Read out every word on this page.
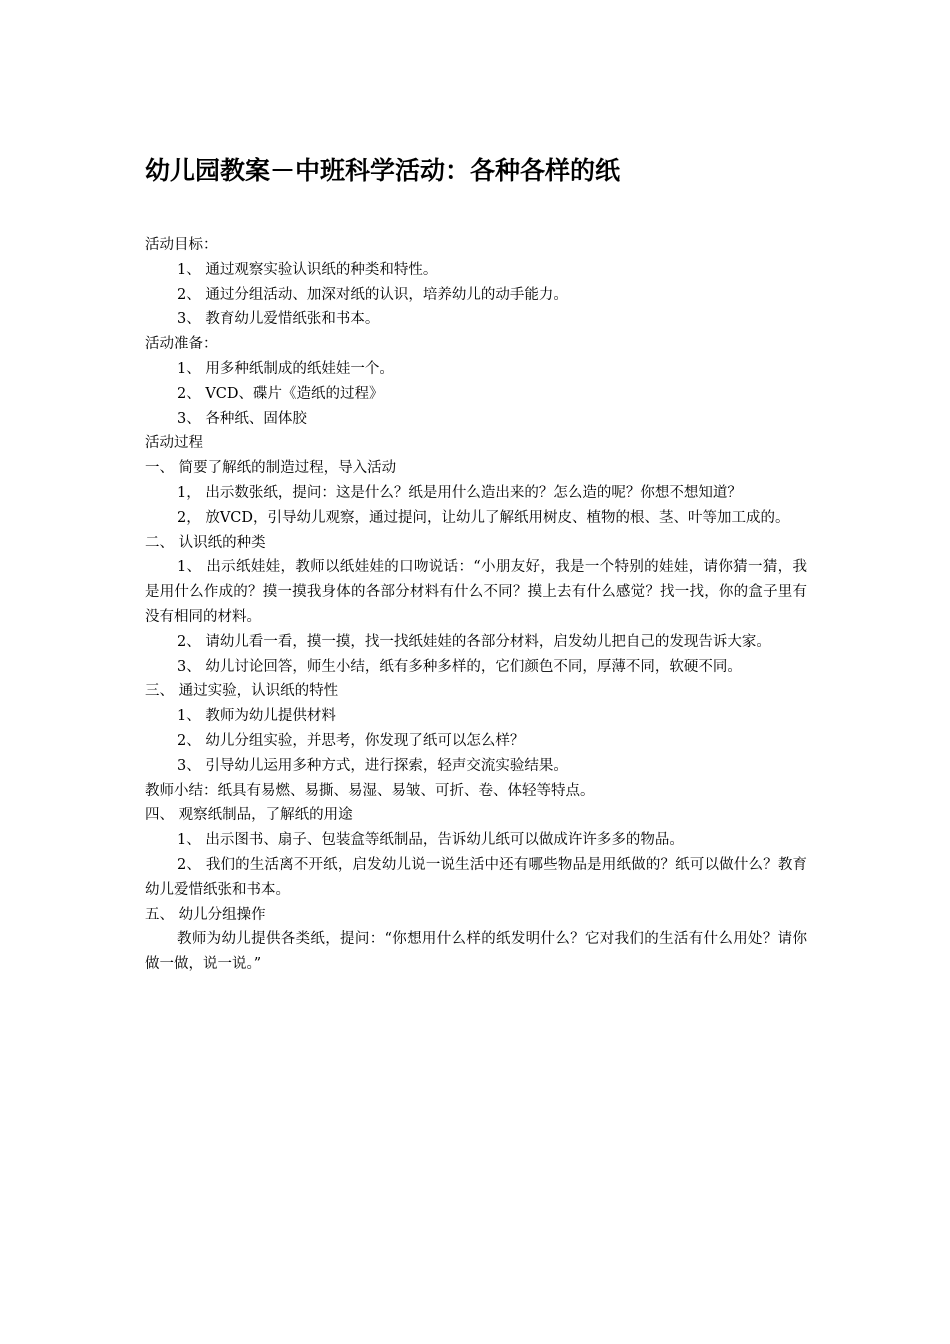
幼儿园教案－中班科学活动：各种各样的纸

活动目标：

1、 通过观察实验认识纸的种类和特性。

2、 通过分组活动、加深对纸的认识，培养幼儿的动手能力。

3、 教育幼儿爱惜纸张和书本。

活动准备：

1、 用多种纸制成的纸娃娃一个。

2、 VCD、碟片《造纸的过程》

3、 各种纸、固体胶

活动过程

一、 简要了解纸的制造过程，导入活动

1， 出示数张纸，提问：这是什么？纸是用什么造出来的？怎么造的呢？你想不想知道？

2， 放VCD，引导幼儿观察，通过提问，让幼儿了解纸用树皮、植物的根、茎、叶等加工成的。

二、 认识纸的种类

1、 出示纸娃娃，教师以纸娃娃的口吻说话：“小朋友好，我是一个特别的娃娃，请你猜一猜，我是用什么作成的？摸一摸我身体的各部分材料有什么不同？摸上去有什么感觉？找一找，你的盒子里有没有相同的材料。

2、 请幼儿看一看，摸一摸，找一找纸娃娃的各部分材料，启发幼儿把自己的发现告诉大家。

3、 幼儿讨论回答，师生小结，纸有多种多样的，它们颜色不同，厚薄不同，软硬不同。

三、 通过实验，认识纸的特性

1、 教师为幼儿提供材料

2、 幼儿分组实验，并思考，你发现了纸可以怎么样？

3、 引导幼儿运用多种方式，进行探索，轻声交流实验结果。

教师小结：纸具有易燃、易撕、易湿、易皱、可折、卷、体轻等特点。

四、 观察纸制品，了解纸的用途

1、 出示图书、扇子、包装盒等纸制品，告诉幼儿纸可以做成许许多多的物品。

2、 我们的生活离不开纸，启发幼儿说一说生活中还有哪些物品是用纸做的？纸可以做什么？教育幼儿爱惜纸张和书本。

五、 幼儿分组操作

教师为幼儿提供各类纸，提问：“你想用什么样的纸发明什么？它对我们的生活有什么用处？请你做一做，说一说。”
